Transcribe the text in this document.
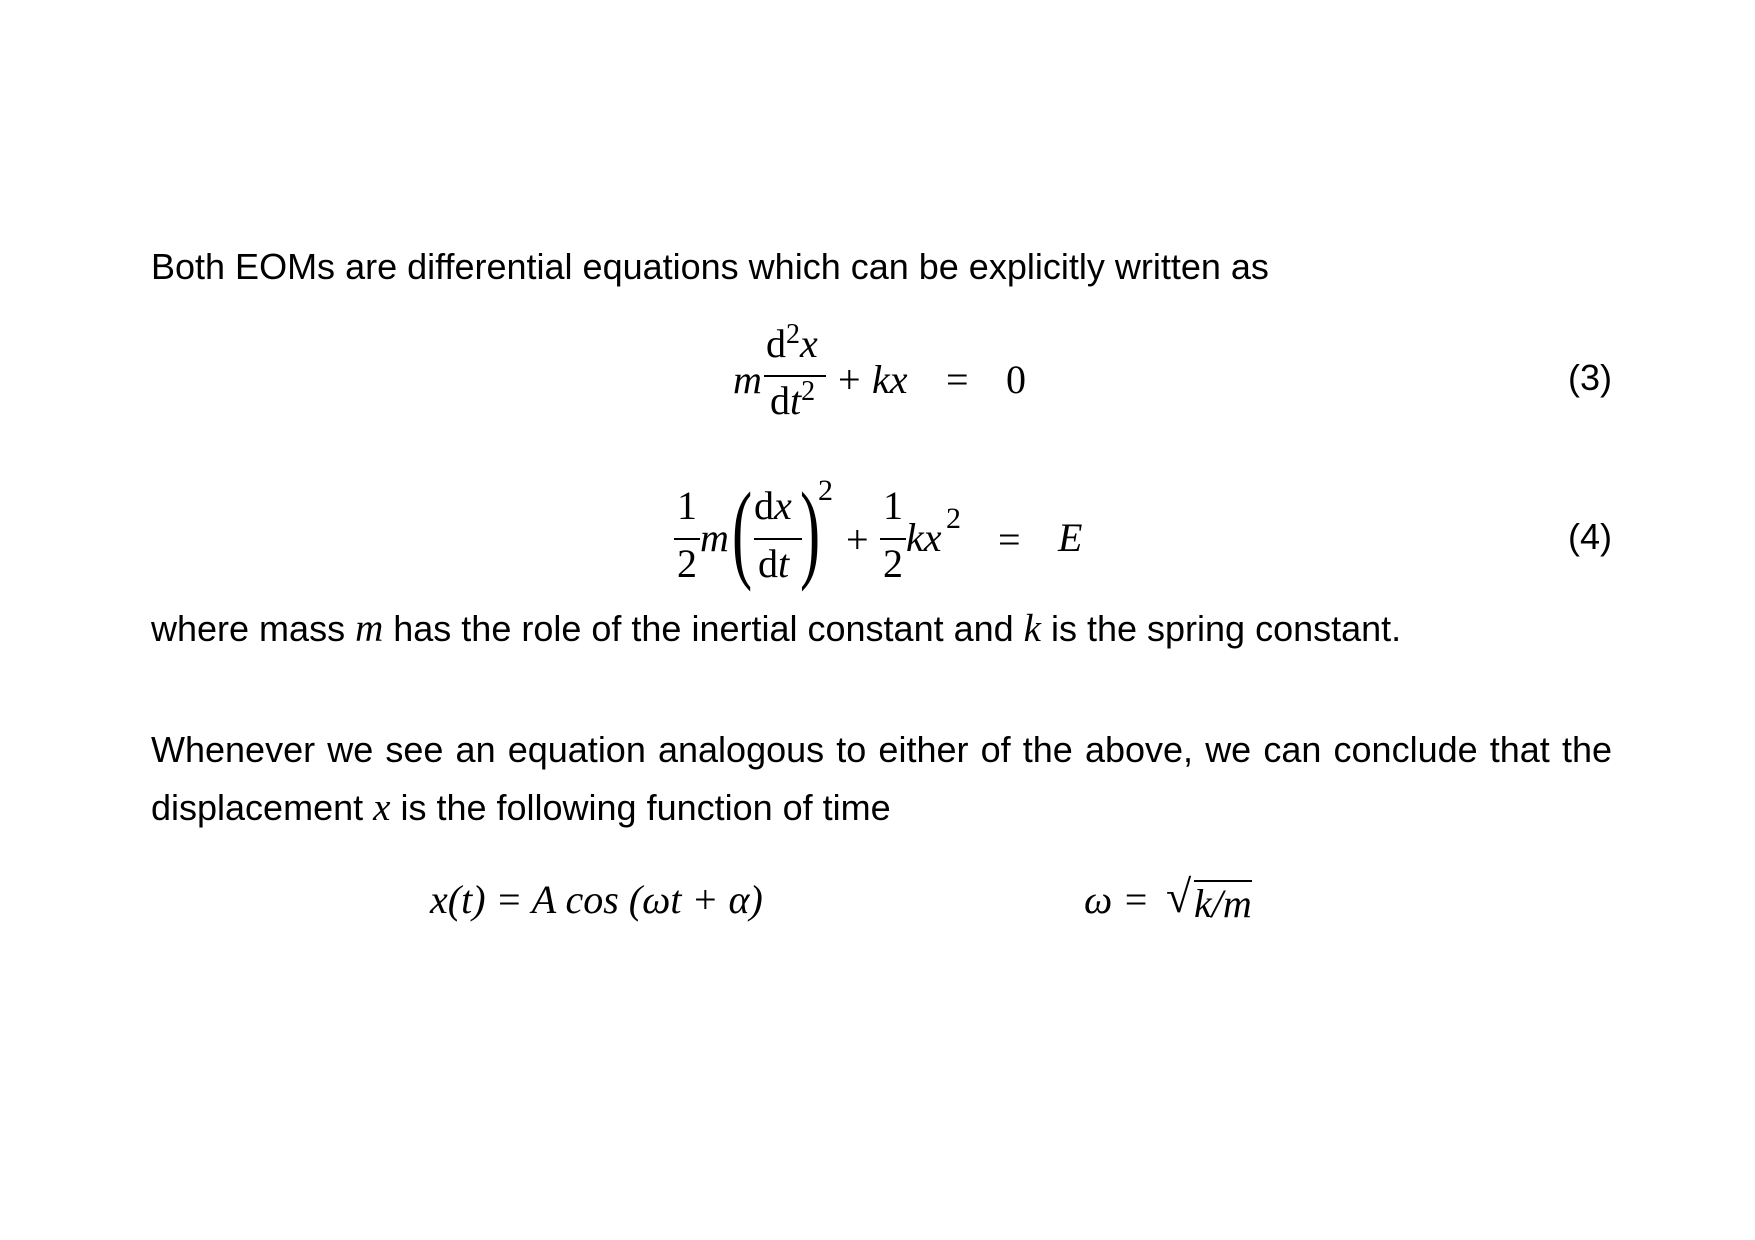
Both EOMs are differential equations which can be explicitly written as

m
$d^2x$
$dt^2$ + kx = 0	(3)
1
2
m ( dx
dt )
2
+
1
2
kx 2 = E	(4)

where mass m has the role of the inertial constant and k is the spring constant.

Whenever we see an equation analogous to either of the above, we can conclude that the displacement x is the following function of time

x(t) = A cos (ωt + α)	ω = √ k/m
